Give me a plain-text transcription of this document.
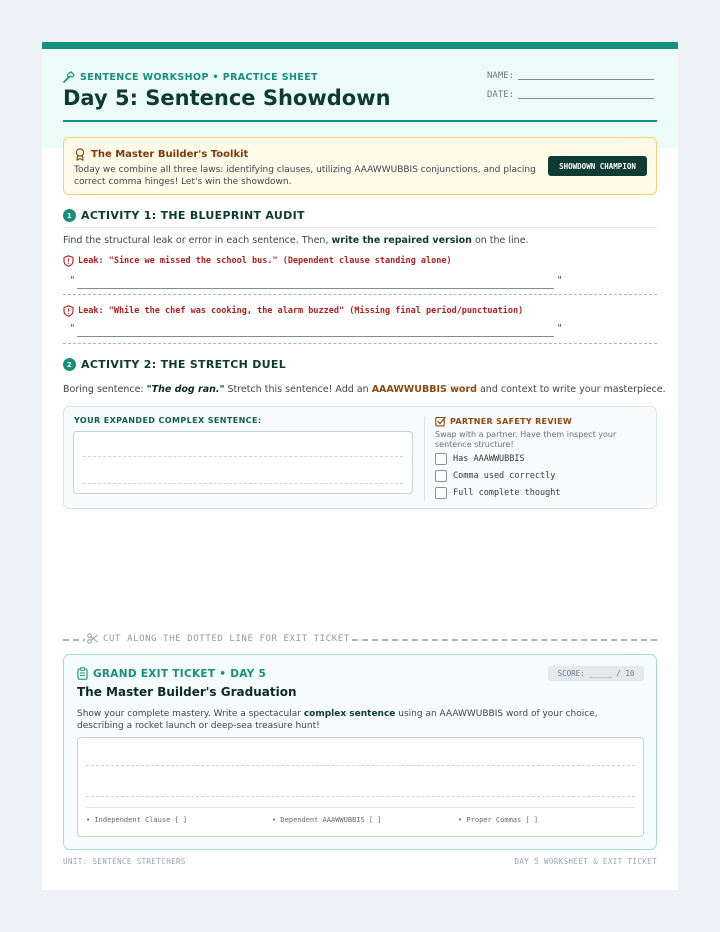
SENTENCE WORKSHOP • PRACTICE SHEET
Day 5: Sentence Showdown
NAME:
DATE:
The Master Builder's Toolkit
Today we combine all three laws: identifying clauses, utilizing AAAWWUBBIS conjunctions, and placing correct comma hinges! Let's win the showdown.
SHOWDOWN CHAMPION
1 ACTIVITY 1: THE BLUEPRINT AUDIT
Find the structural leak or error in each sentence. Then, write the repaired version on the line.
Leak: "Since we missed the school bus." (Dependent clause standing alone)
"	"
Leak: "While the chef was cooking, the alarm buzzed" (Missing final period/punctuation)
"	"
2 ACTIVITY 2: THE STRETCH DUEL
Boring sentence: "The dog ran." Stretch this sentence! Add an AAAWWUBBIS word and context to write your masterpiece.
YOUR EXPANDED COMPLEX SENTENCE:	PARTNER SAFETY REVIEW
Swap with a partner. Have them inspect your sentence structure!
Has AAAWWUBBIS
Comma used correctly
Full complete thought
CUT ALONG THE DOTTED LINE FOR EXIT TICKET
GRAND EXIT TICKET • DAY 5	SCORE: _____ / 10
The Master Builder's Graduation
Show your complete mastery. Write a spectacular complex sentence using an AAAWWUBBIS word of your choice, describing a rocket launch or deep-sea treasure hunt!
• Independent Clause [ ]	• Dependent AAAWWUBBIS [ ]	• Proper Commas [ ]
UNIT: SENTENCE STRETCHERS	DAY 5 WORKSHEET & EXIT TICKET
